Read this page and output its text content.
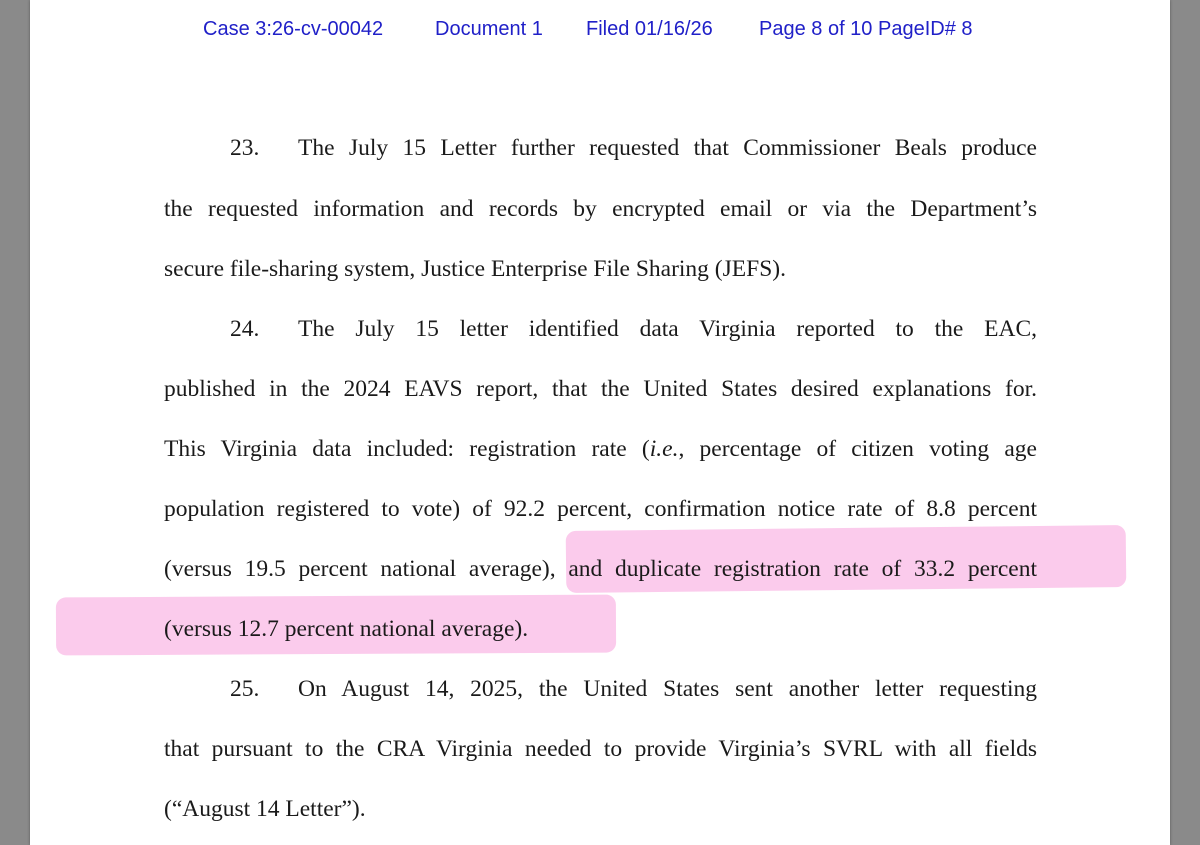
Case 3:26-cv-00042	Document 1 Filed 01/16/26 Page 8 of 10 PageID# 8
23. The July 15 Letter further requested that Commissioner Beals produce
the requested information and records by encrypted email or via the Department’s
secure file-sharing system, Justice Enterprise File Sharing (JEFS).
24. The July 15 letter identified data Virginia reported to the EAC,
published in the 2024 EAVS report, that the United States desired explanations for.
This Virginia data included: registration rate (i.e., percentage of citizen voting age
population registered to vote) of 92.2 percent, confirmation notice rate of 8.8 percent
(versus 19.5 percent national average), and duplicate registration rate of 33.2 percent
(versus 12.7 percent national average).
25. On August 14, 2025, the United States sent another letter requesting
that pursuant to the CRA Virginia needed to provide Virginia’s SVRL with all fields
(“August 14 Letter”).
